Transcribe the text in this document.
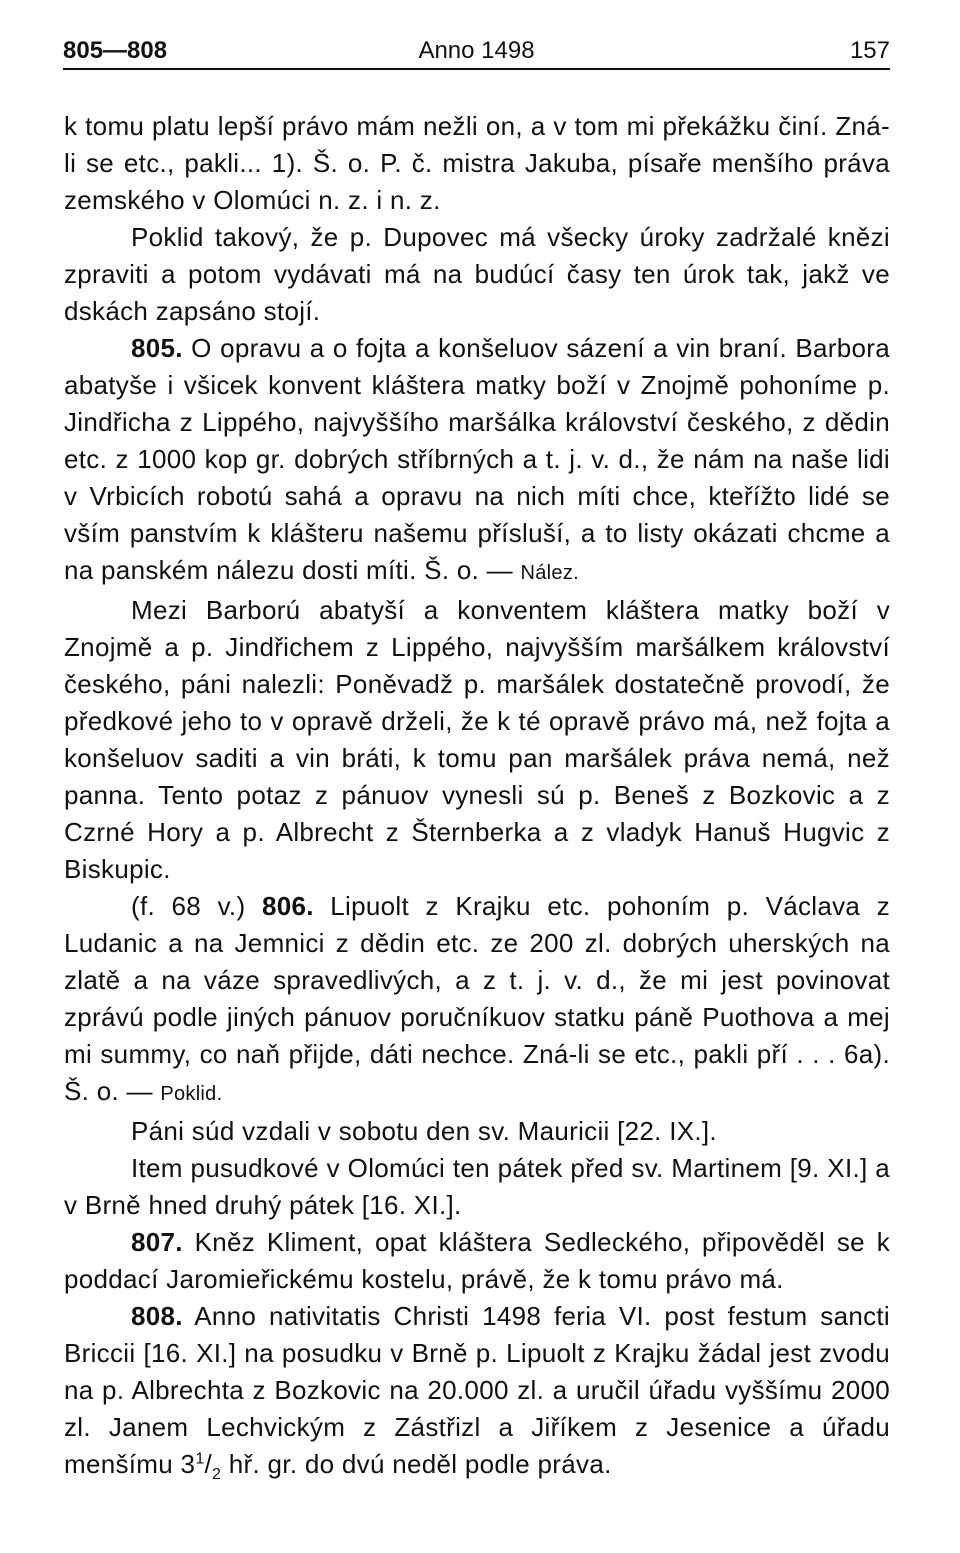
805—808	Anno 1498	157

k tomu platu lepší právo mám nežli on, a v tom mi překážku činí. Zná-li se etc., pakli... 1). Š. o. P. č. mistra Jakuba, písaře menšího práva zemského v Olomúci n. z. i n. z.

Poklid takový, že p. Dupovec má všecky úroky zadržalé knězi zpraviti a potom vydávati má na budúcí časy ten úrok tak, jakž ve dskách zapsáno stojí.

805. O opravu a o fojta a konšeluov sázení a vin braní. Barbora abatyše i všicek konvent kláštera matky boží v Znojmě pohoníme p. Jindřicha z Lippého, najvyššího maršálka království českého, z dědin etc. z 1000 kop gr. dobrých stříbrných a t. j. v. d., že nám na naše lidi v Vrbicích robotú sahá a opravu na nich míti chce, kteřížto lidé se vším panstvím k klášteru našemu přísluší, a to listy okázati chcme a na panském nálezu dosti míti. Š. o. — Nález.

Mezi Barború abatyší a konventem kláštera matky boží v Znojmě a p. Jindřichem z Lippého, najvyšším maršálkem království českého, páni nalezli: Poněvadž p. maršálek dostatečně provodí, že předkové jeho to v opravě drželi, že k té opravě právo má, než fojta a konšeluov saditi a vin bráti, k tomu pan maršálek práva nemá, než panna. Tento potaz z pánuov vynesli sú p. Beneš z Bozkovic a z Czrné Hory a p. Albrecht z Šternberka a z vladyk Hanuš Hugvic z Biskupic.

(f. 68 v.) 806. Lipuolt z Krajku etc. pohoním p. Václava z Ludanic a na Jemnici z dědin etc. ze 200 zl. dobrých uherských na zlatě a na váze spravedlivých, a z t. j. v. d., že mi jest povinovat zprávú podle jiných pánuov poručníkuov statku páně Puothova a mej mi summy, co naň přijde, dáti nechce. Zná-li se etc., pakli pří . . . 6a). Š. o. — Poklid.

Páni súd vzdali v sobotu den sv. Mauricii [22. IX.].

Item pusudkové v Olomúci ten pátek před sv. Martinem [9. XI.] a v Brně hned druhý pátek [16. XI.].

807. Kněz Kliment, opat kláštera Sedleckého, připověděl se k poddací Jaromieřickému kostelu, právě, že k tomu právo má.

808. Anno nativitatis Christi 1498 feria VI. post festum sancti Briccii [16. XI.] na posudku v Brně p. Lipuolt z Krajku žádal jest zvodu na p. Albrechta z Bozkovic na 20.000 zl. a uručil úřadu vyššímu 2000 zl. Janem Lechvickým z Zástřizl a Jiříkem z Jesenice a úřadu menšímu $3^1/_2$ hř. gr. do dvú neděl podle práva.
